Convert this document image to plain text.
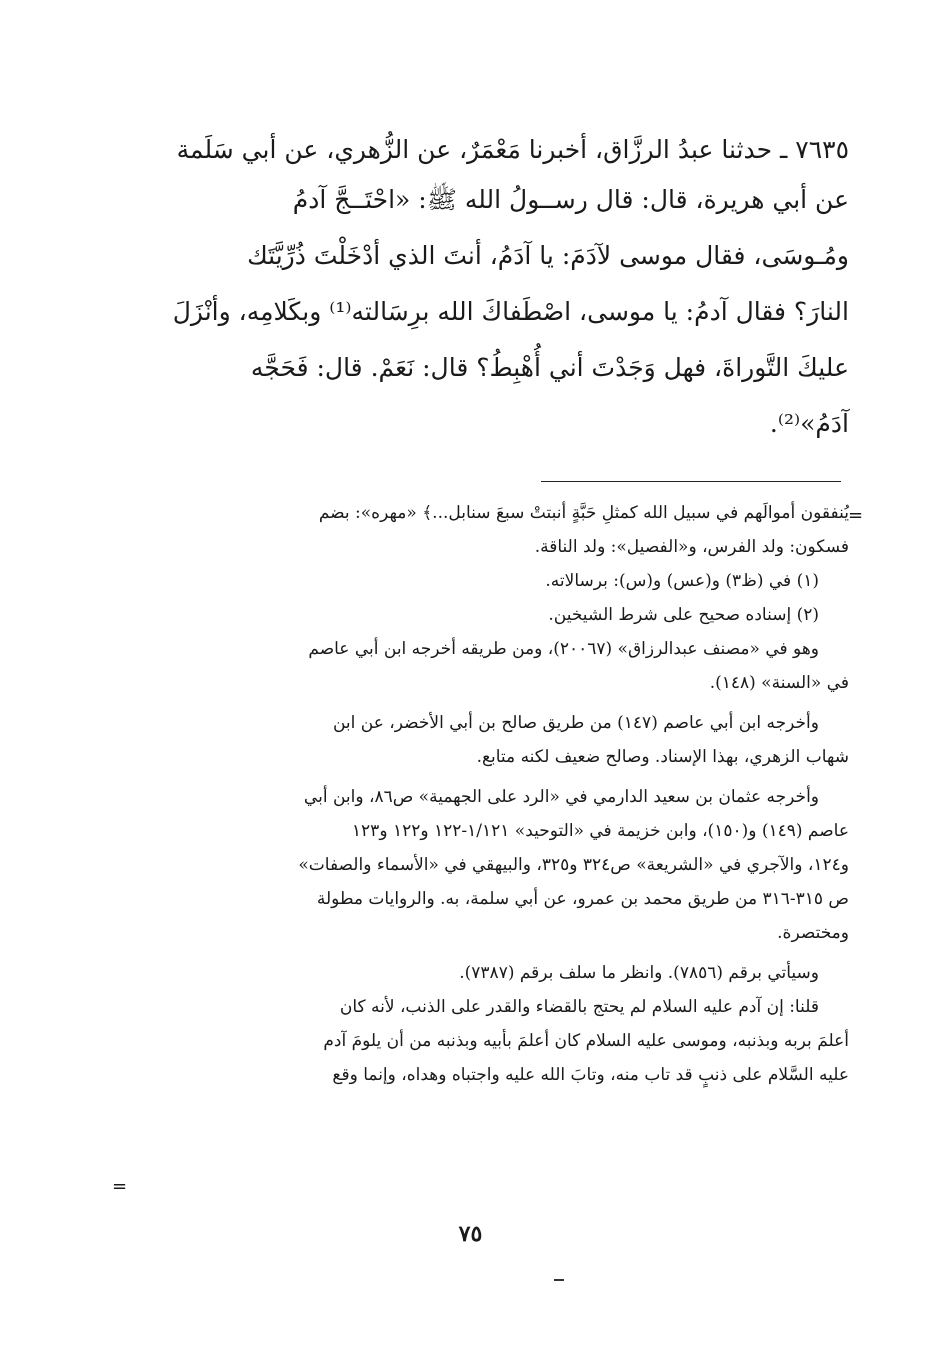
٧٦٣٥ ـ حدثنا عبدُ الرزَّاق، أخبرنا مَعْمَرٌ، عن الزُّهري، عن أبي سَلَمة

عن أبي هريرة، قال: قال رســولُ الله ﷺ: «احْتَــجَّ آدمُ

ومُـوسَى، فقال موسى لآدَمَ: يا آدَمُ، أنتَ الذي أدْخَلْتَ ذُرِّيَّتَك

النارَ؟ فقال آدمُ: يا موسى، اصْطَفاكَ الله برِسَالته⁽¹⁾ وبكَلامِه، وأنْزَلَ

عليكَ التَّوراةَ، فهل وَجَدْتَ أني أُهْبِطُ؟ قال: نَعَمْ. قال: فَحَجَّه

آدَمُ»⁽²⁾.

=

يُنفقون أموالَهم في سبيل الله كمثلِ حَبَّةٍ أنبتتْ سبعَ سنابل...﴾ «مهره»: بضم

فسكون: ولد الفرس، و«الفصيل»: ولد الناقة.

(١) في (ظ٣) و(عس) و(س): برسالاته.

(٢) إسناده صحيح على شرط الشيخين.

وهو في «مصنف عبدالرزاق» (٢٠٠٦٧)، ومن طريقه أخرجه ابن أبي عاصم

في «السنة» (١٤٨).

وأخرجه ابن أبي عاصم (١٤٧) من طريق صالح بن أبي الأخضر، عن ابن

شهاب الزهري، بهذا الإسناد. وصالح ضعيف لكنه متابع.

وأخرجه عثمان بن سعيد الدارمي في «الرد على الجهمية» ص٨٦، وابن أبي

عاصم (١٤٩) و(١٥٠)، وابن خزيمة في «التوحيد» ١/١٢١-١٢٢ و١٢٢ و١٢٣

و١٢٤، والآجري في «الشريعة» ص٣٢٤ و٣٢٥، والبيهقي في «الأسماء والصفات»

ص ٣١٥-٣١٦ من طريق محمد بن عمرو، عن أبي سلمة، به. والروايات مطولة

ومختصرة.

وسيأتي برقم (٧٨٥٦). وانظر ما سلف برقم (٧٣٨٧).

قلنا: إن آدم عليه السلام لم يحتج بالقضاء والقدر على الذنب، لأنه كان

أعلمَ بربه وبذنبه، وموسى عليه السلام كان أعلمَ بأبيه وبذنبه من أن يلومَ آدم

عليه السَّلام على ذنبٍ قد تاب منه، وتابَ الله عليه واجتباه وهداه، وإنما وقع

=
٧٥
